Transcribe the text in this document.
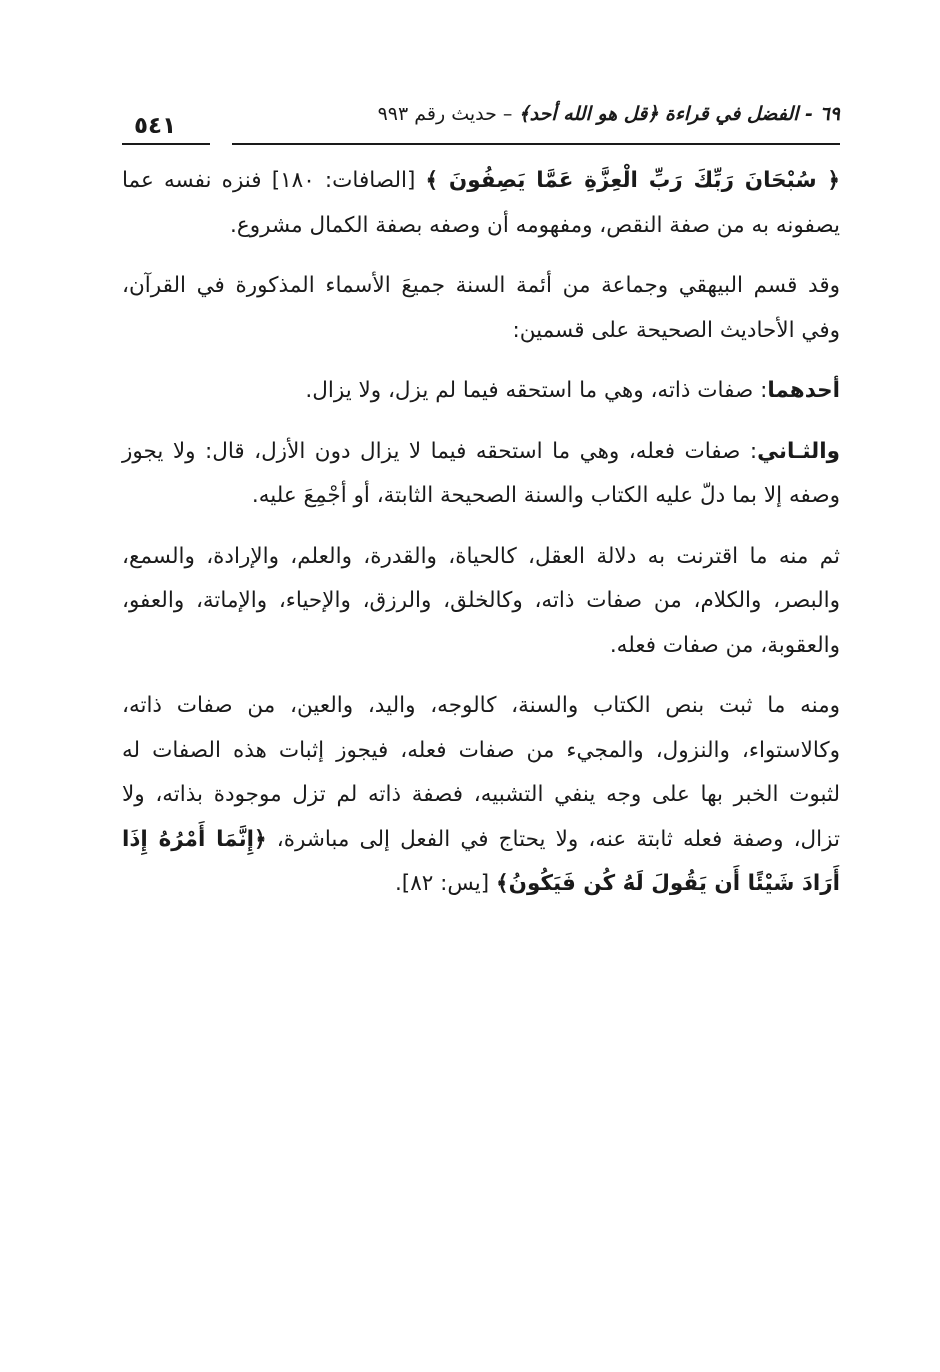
٦٩ - الفضل في قراءة ﴿قل هو الله أحد﴾ – حديث رقم ٩٩٣
٥٤١

﴿ سُبْحَانَ رَبِّكَ رَبِّ الْعِزَّةِ عَمَّا يَصِفُونَ ﴾ [الصافات: ١٨٠] فنزه نفسه عما يصفونه به من صفة النقص، ومفهومه أن وصفه بصفة الكمال مشروع.

وقد قسم البيهقي وجماعة من أئمة السنة جميعَ الأسماء المذكورة في القرآن، وفي الأحاديث الصحيحة على قسمين:

أحدهما: صفات ذاته، وهي ما استحقه فيما لم يزل، ولا يزال.

والثـاني: صفات فعله، وهي ما استحقه فيما لا يزال دون الأزل، قال: ولا يجوز وصفه إلا بما دلّ عليه الكتاب والسنة الصحيحة الثابتة، أو أجْمِعَ عليه.

ثم منه ما اقترنت به دلالة العقل، كالحياة، والقدرة، والعلم، والإرادة، والسمع، والبصر، والكلام، من صفات ذاته، وكالخلق، والرزق، والإحياء، والإماتة، والعفو، والعقوبة، من صفات فعله.

ومنه ما ثبت بنص الكتاب والسنة، كالوجه، واليد، والعين، من صفات ذاته، وكالاستواء، والنزول، والمجيء من صفات فعله، فيجوز إثبات هذه الصفات له لثبوت الخبر بها على وجه ينفي التشبيه، فصفة ذاته لم تزل موجودة بذاته، ولا تزال، وصفة فعله ثابتة عنه، ولا يحتاج في الفعل إلى مباشرة، ﴿إِنَّمَا أَمْرُهُ إِذَا أَرَادَ شَيْئًا أَن يَقُولَ لَهُ كُن فَيَكُونُ﴾ [يس: ٨٢].
